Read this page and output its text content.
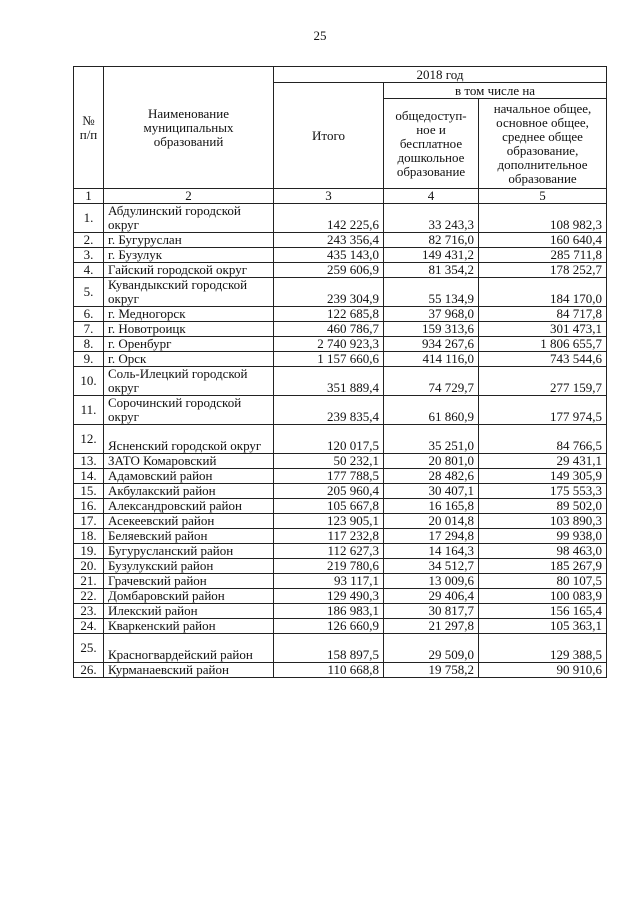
25
№ п/п	Наименование муниципальных образований	2018 год		
		Итого	в том числе на	
			общедоступ-ное и бесплатное дошкольное образование	начальное общее, основное общее, среднее общее образование, дополнительное образование
1	2	3	4	5
1.	Абдулинский городской округ	142 225,6	33 243,3	108 982,3
2.	г. Бугуруслан	243 356,4	82 716,0	160 640,4
3.	г. Бузулук	435 143,0	149 431,2	285 711,8
4.	Гайский городской округ	259 606,9	81 354,2	178 252,7
5.	Кувандыкский городской округ	239 304,9	55 134,9	184 170,0
6.	г. Медногорск	122 685,8	37 968,0	84 717,8
7.	г. Новотроицк	460 786,7	159 313,6	301 473,1
8.	г. Оренбург	2 740 923,3	934 267,6	1 806 655,7
9.	г. Орск	1 157 660,6	414 116,0	743 544,6
10.	Соль-Илецкий городской округ	351 889,4	74 729,7	277 159,7
11.	Сорочинский городской округ	239 835,4	61 860,9	177 974,5
12.	Ясненский городской округ	120 017,5	35 251,0	84 766,5
13.	ЗАТО Комаровский	50 232,1	20 801,0	29 431,1
14.	Адамовский район	177 788,5	28 482,6	149 305,9
15.	Акбулакский район	205 960,4	30 407,1	175 553,3
16.	Александровский район	105 667,8	16 165,8	89 502,0
17.	Асекеевский район	123 905,1	20 014,8	103 890,3
18.	Беляевский район	117 232,8	17 294,8	99 938,0
19.	Бугурусланский район	112 627,3	14 164,3	98 463,0
20.	Бузулукский район	219 780,6	34 512,7	185 267,9
21.	Грачевский район	93 117,1	13 009,6	80 107,5
22.	Домбаровский район	129 490,3	29 406,4	100 083,9
23.	Илекский район	186 983,1	30 817,7	156 165,4
24.	Кваркенский район	126 660,9	21 297,8	105 363,1
25.	Красногвардейский район	158 897,5	29 509,0	129 388,5
26.	Курманаевский район	110 668,8	19 758,2	90 910,6
